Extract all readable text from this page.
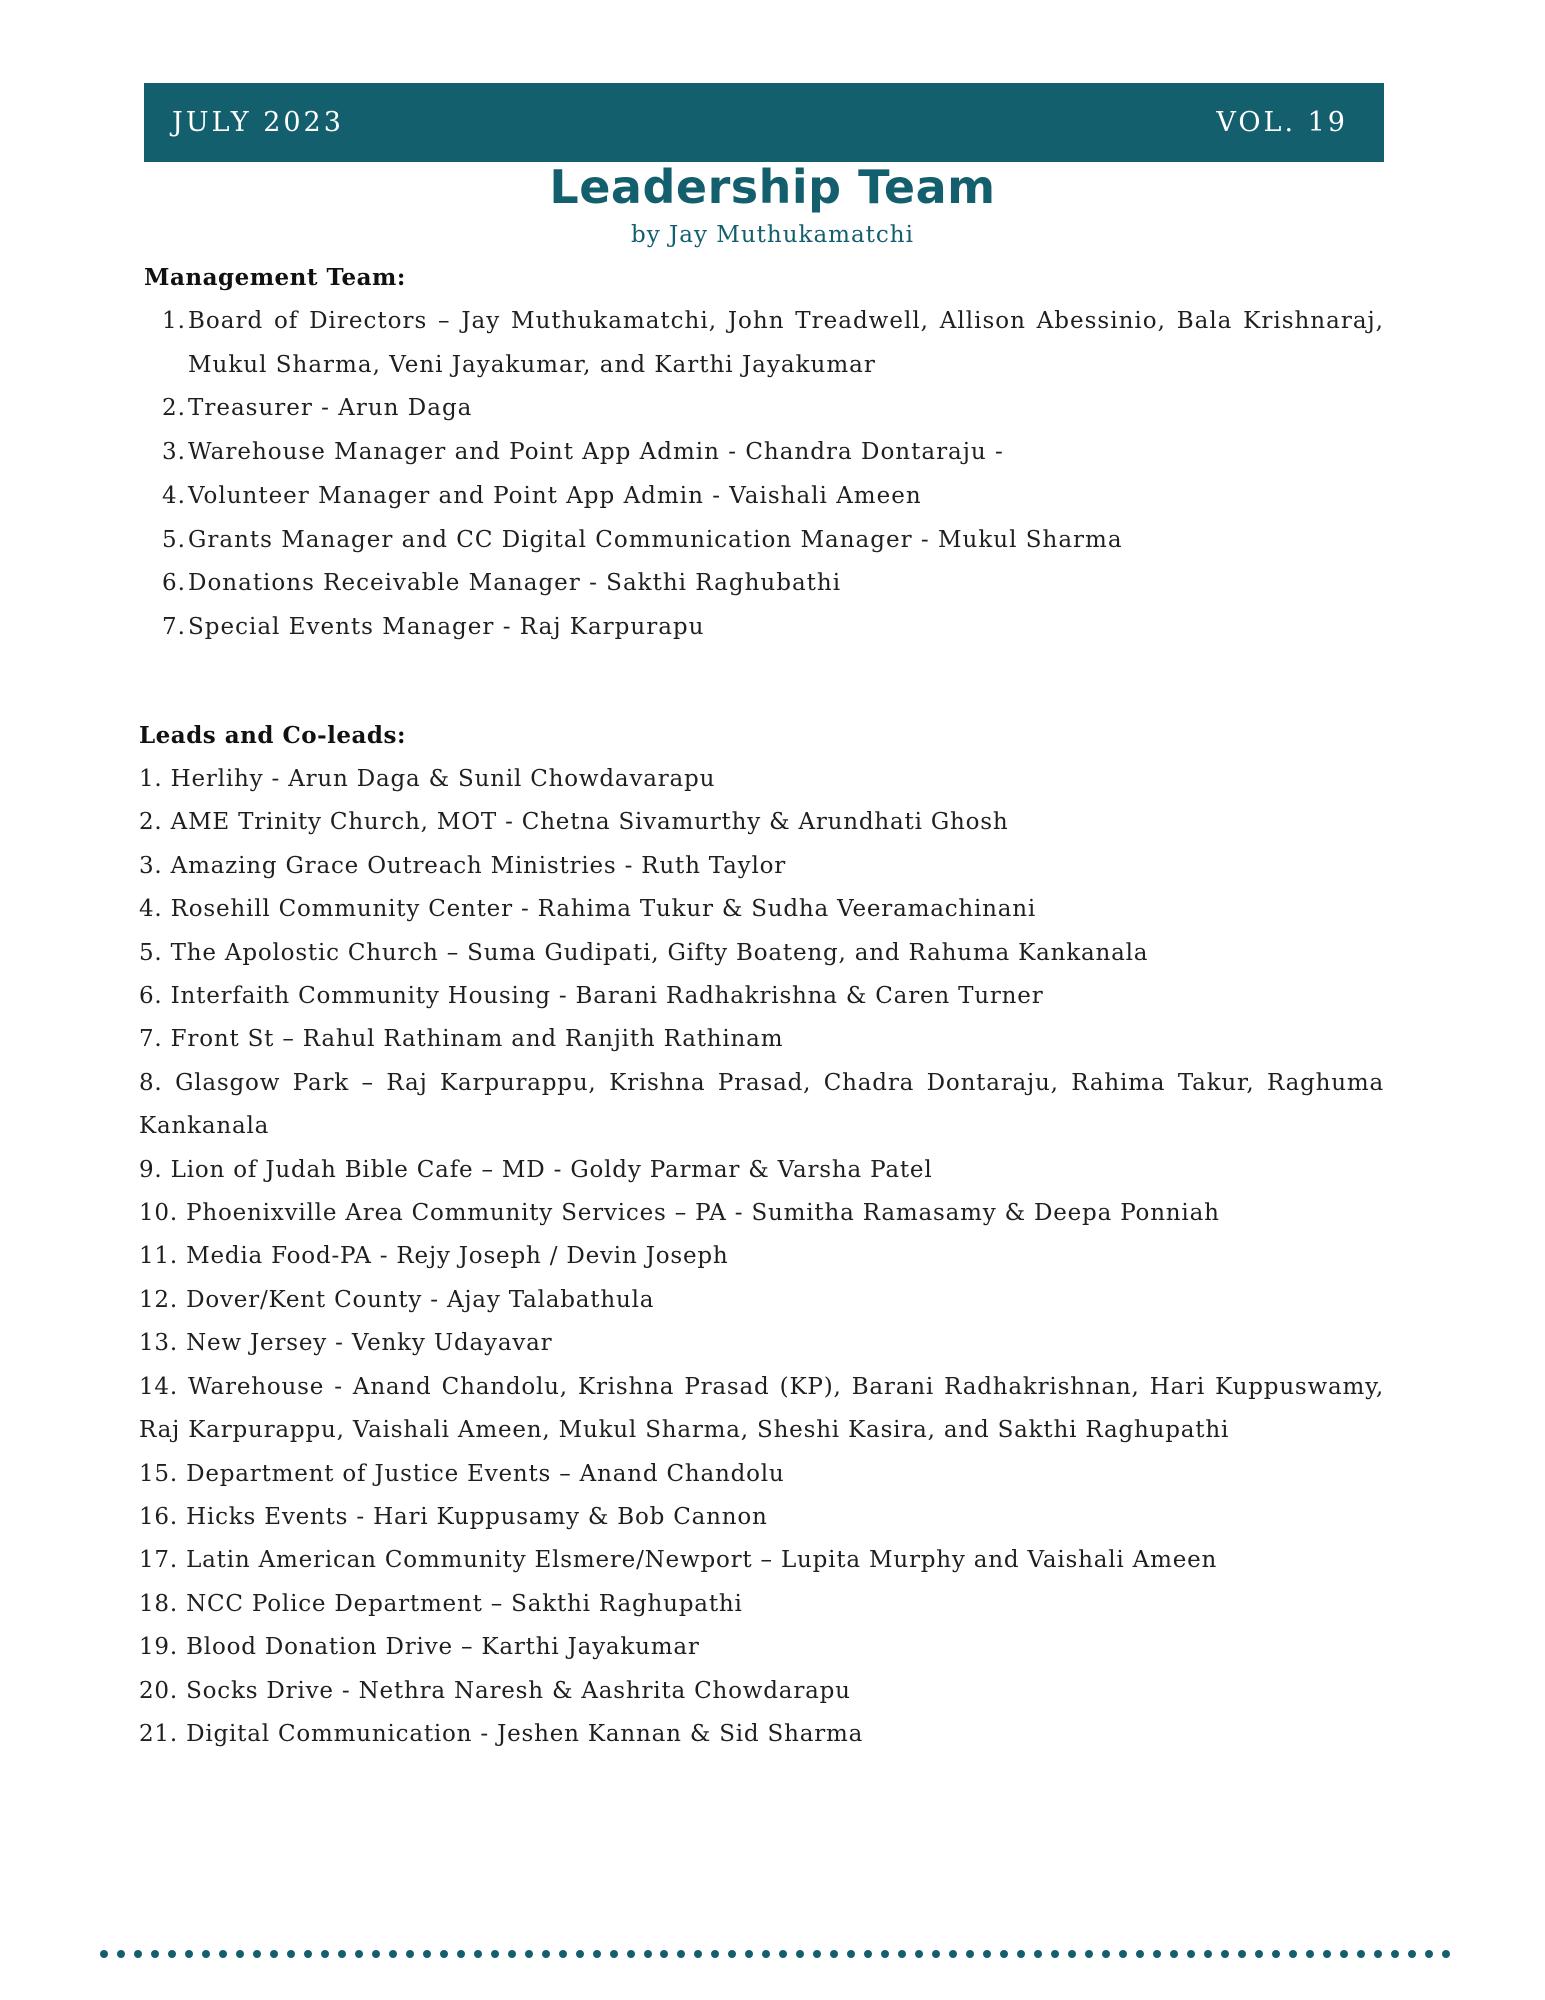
JULY 2023	VOL. 19
Leadership Team
by Jay Muthukamatchi
Management Team:
1. Board of Directors – Jay Muthukamatchi, John Treadwell, Allison Abessinio, Bala Krishnaraj, Mukul Sharma, Veni Jayakumar, and Karthi Jayakumar
2. Treasurer - Arun Daga
3. Warehouse Manager and Point App Admin - Chandra Dontaraju -
4. Volunteer Manager and Point App Admin - Vaishali Ameen
5. Grants Manager and CC Digital Communication Manager - Mukul Sharma
6. Donations Receivable Manager - Sakthi Raghubathi
7. Special Events Manager - Raj Karpurapu
Leads and Co-leads:
1. Herlihy - Arun Daga & Sunil Chowdavarapu
2. AME Trinity Church, MOT - Chetna Sivamurthy & Arundhati Ghosh
3. Amazing Grace Outreach Ministries - Ruth Taylor
4. Rosehill Community Center - Rahima Tukur & Sudha Veeramachinani
5. The Apolostic Church – Suma Gudipati, Gifty Boateng, and Rahuma Kankanala
6. Interfaith Community Housing - Barani Radhakrishna & Caren Turner
7. Front St – Rahul Rathinam and Ranjith Rathinam
8. Glasgow Park – Raj Karpurappu, Krishna Prasad, Chadra Dontaraju, Rahima Takur, Raghuma Kankanala
9. Lion of Judah Bible Cafe – MD - Goldy Parmar & Varsha Patel
10. Phoenixville Area Community Services – PA - Sumitha Ramasamy & Deepa Ponniah
11. Media Food-PA - Rejy Joseph / Devin Joseph
12. Dover/Kent County - Ajay Talabathula
13. New Jersey - Venky Udayavar
14. Warehouse - Anand Chandolu, Krishna Prasad (KP), Barani Radhakrishnan, Hari Kuppuswamy, Raj Karpurappu, Vaishali Ameen, Mukul Sharma, Sheshi Kasira, and Sakthi Raghupathi
15. Department of Justice Events – Anand Chandolu
16. Hicks Events - Hari Kuppusamy & Bob Cannon
17. Latin American Community Elsmere/Newport – Lupita Murphy and Vaishali Ameen
18. NCC Police Department – Sakthi Raghupathi
19. Blood Donation Drive – Karthi Jayakumar
20. Socks Drive - Nethra Naresh & Aashrita Chowdarapu
21. Digital Communication - Jeshen Kannan & Sid Sharma
